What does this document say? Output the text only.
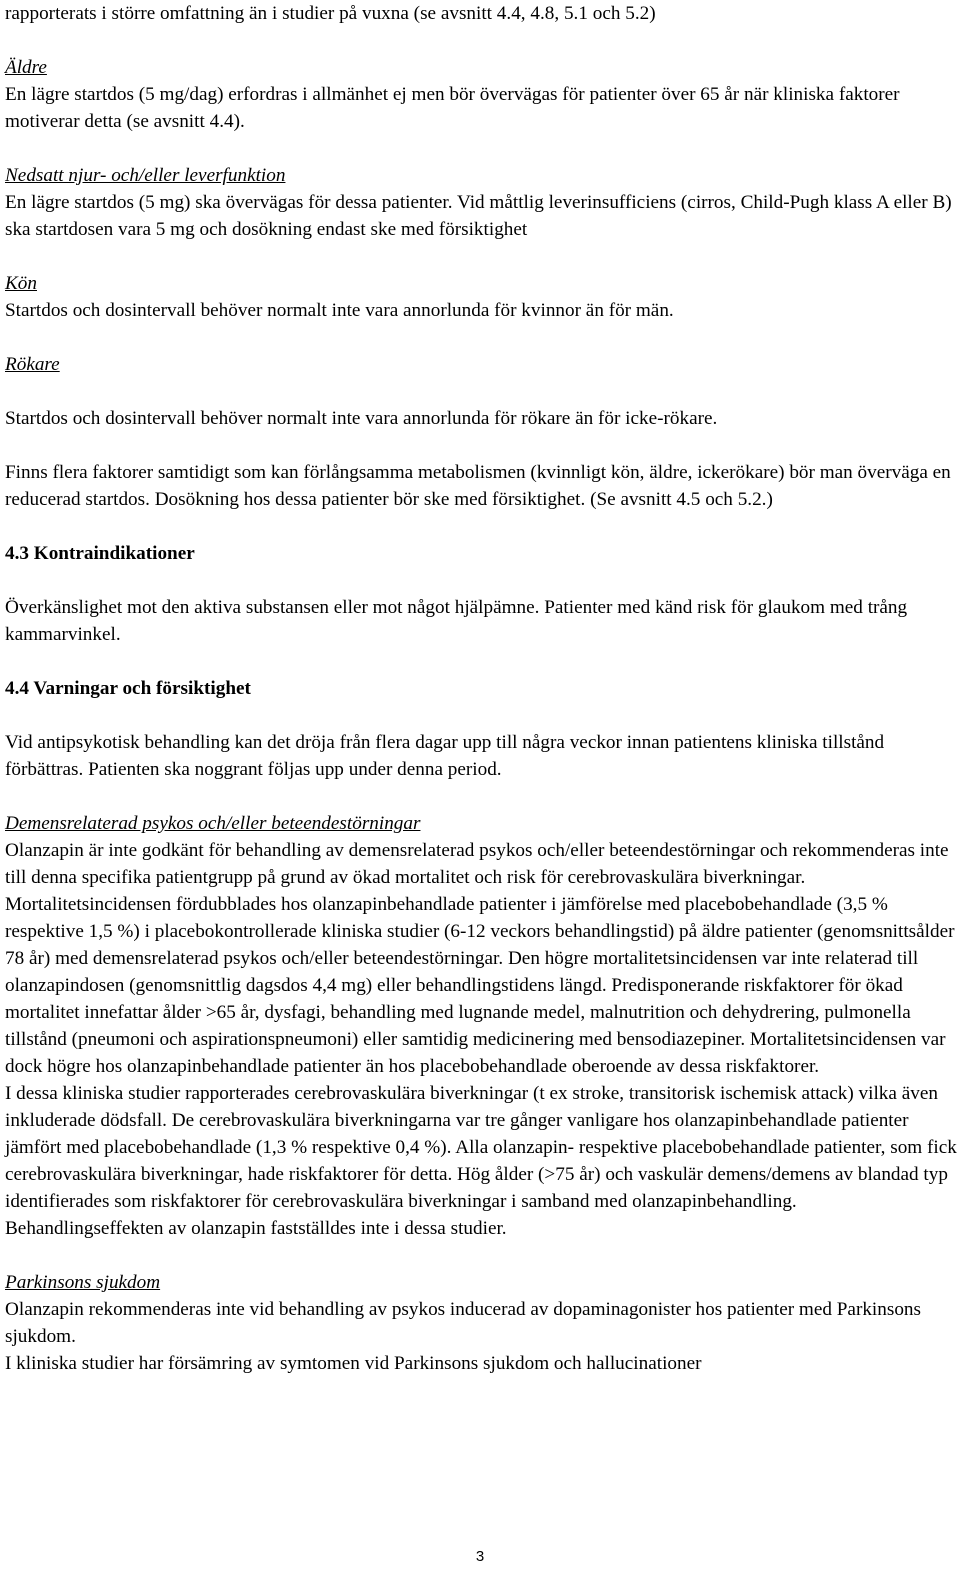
rapporterats i större omfattning än i studier på vuxna (se avsnitt 4.4, 4.8, 5.1 och 5.2)

Äldre

En lägre startdos (5 mg/dag) erfordras i allmänhet ej men bör övervägas för patienter över 65 år när kliniska faktorer motiverar detta (se avsnitt 4.4).

Nedsatt njur- och/eller leverfunktion

En lägre startdos (5 mg) ska övervägas för dessa patienter. Vid måttlig leverinsufficiens (cirros, Child-Pugh klass A eller B) ska startdosen vara 5 mg och dosökning endast ske med försiktighet

Kön

Startdos och dosintervall behöver normalt inte vara annorlunda för kvinnor än för män.

Rökare

Startdos och dosintervall behöver normalt inte vara annorlunda för rökare än för icke-rökare.

Finns flera faktorer samtidigt som kan förlångsamma metabolismen (kvinnligt kön, äldre, ickerökare) bör man överväga en reducerad startdos. Dosökning hos dessa patienter bör ske med försiktighet. (Se avsnitt 4.5 och 5.2.)

4.3 Kontraindikationer

Överkänslighet mot den aktiva substansen eller mot något hjälpämne. Patienter med känd risk för glaukom med trång kammarvinkel.

4.4 Varningar och försiktighet

Vid antipsykotisk behandling kan det dröja från flera dagar upp till några veckor innan patientens kliniska tillstånd förbättras. Patienten ska noggrant följas upp under denna period.

Demensrelaterad psykos och/eller beteendestörningar

Olanzapin är inte godkänt för behandling av demensrelaterad psykos och/eller beteendestörningar och rekommenderas inte till denna specifika patientgrupp på grund av ökad mortalitet och risk för cerebrovaskulära biverkningar.

Mortalitetsincidensen fördubblades hos olanzapinbehandlade patienter i jämförelse med placebobehandlade (3,5 % respektive 1,5 %) i placebokontrollerade kliniska studier (6-12 veckors behandlingstid) på äldre patienter (genomsnittsålder 78 år) med demensrelaterad psykos och/eller beteendestörningar. Den högre mortalitetsincidensen var inte relaterad till olanzapindosen (genomsnittlig dagsdos 4,4 mg) eller behandlingstidens längd. Predisponerande riskfaktorer för ökad mortalitet innefattar ålder >65 år, dysfagi, behandling med lugnande medel, malnutrition och dehydrering, pulmonella tillstånd (pneumoni och aspirationspneumoni) eller samtidig medicinering med bensodiazepiner. Mortalitetsincidensen var dock högre hos olanzapinbehandlade patienter än hos placebobehandlade oberoende av dessa riskfaktorer.

I dessa kliniska studier rapporterades cerebrovaskulära biverkningar (t ex stroke, transitorisk ischemisk attack) vilka även inkluderade dödsfall. De cerebrovaskulära biverkningarna var tre gånger vanligare hos olanzapinbehandlade patienter jämfört med placebobehandlade (1,3 % respektive 0,4 %). Alla olanzapin- respektive placebobehandlade patienter, som fick cerebrovaskulära biverkningar, hade riskfaktorer för detta. Hög ålder (>75 år) och vaskulär demens/demens av blandad typ identifierades som riskfaktorer för cerebrovaskulära biverkningar i samband med olanzapinbehandling. Behandlingseffekten av olanzapin fastställdes inte i dessa studier.

Parkinsons sjukdom

Olanzapin rekommenderas inte vid behandling av psykos inducerad av dopaminagonister hos patienter med Parkinsons sjukdom.

I kliniska studier har försämring av symtomen vid Parkinsons sjukdom och hallucinationer

3
